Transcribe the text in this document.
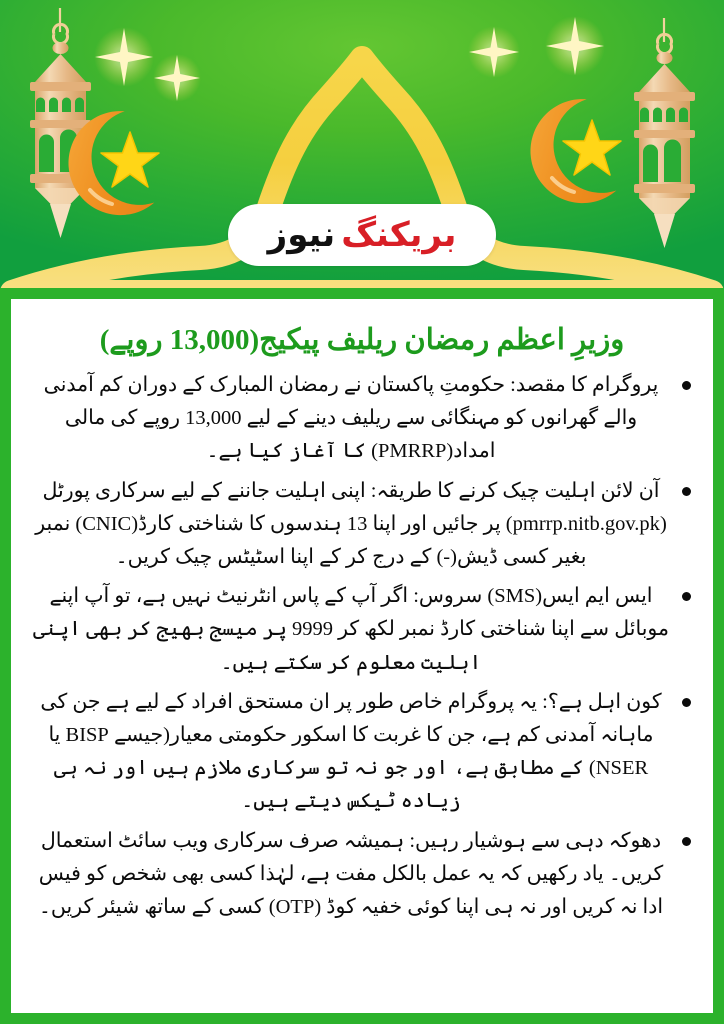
بریکنگ
نیوز
وزیرِ اعظم رمضان ریلیف پیکیج(13,000 روپے)
پروگرام کا مقصد: حکومتِ پاکستان نے رمضان المبارک کے دوران کم آمدنی والے گھرانوں کو مہنگائی سے ریلیف دینے کے لیے 13,000 روپے کی مالی امداد(PMRRP) کا آغاز کیا ہے۔
آن لائن اہلیت چیک کرنے کا طریقہ: اپنی اہلیت جاننے کے لیے سرکاری پورٹل (pmrrp.nitb.gov.pk) پر جائیں اور اپنا 13 ہندسوں کا شناختی کارڈ(CNIC) نمبر بغیر کسی ڈیش(-) کے درج کر کے اپنا اسٹیٹس چیک کریں۔
ایس ایم ایس(SMS) سروس: اگر آپ کے پاس انٹرنیٹ نہیں ہے، تو آپ اپنے موبائل سے اپنا شناختی کارڈ نمبر لکھ کر 9999 پر میسج بھیج کر بھی اپنی اہلیت معلوم کر سکتے ہیں۔
کون اہل ہے؟: یہ پروگرام خاص طور پر ان مستحق افراد کے لیے ہے جن کی ماہانہ آمدنی کم ہے، جن کا غربت کا اسکور حکومتی معیار(جیسے BISP یا NSER) کے مطابق ہے، اور جو نہ تو سرکاری ملازم ہیں اور نہ ہی زیادہ ٹیکس دیتے ہیں۔
دھوکہ دہی سے ہوشیار رہیں: ہمیشہ صرف سرکاری ویب سائٹ استعمال کریں۔ یاد رکھیں کہ یہ عمل بالکل مفت ہے، لہٰذا کسی بھی شخص کو فیس ادا نہ کریں اور نہ ہی اپنا کوئی خفیہ کوڈ (OTP) کسی کے ساتھ شیئر کریں۔
